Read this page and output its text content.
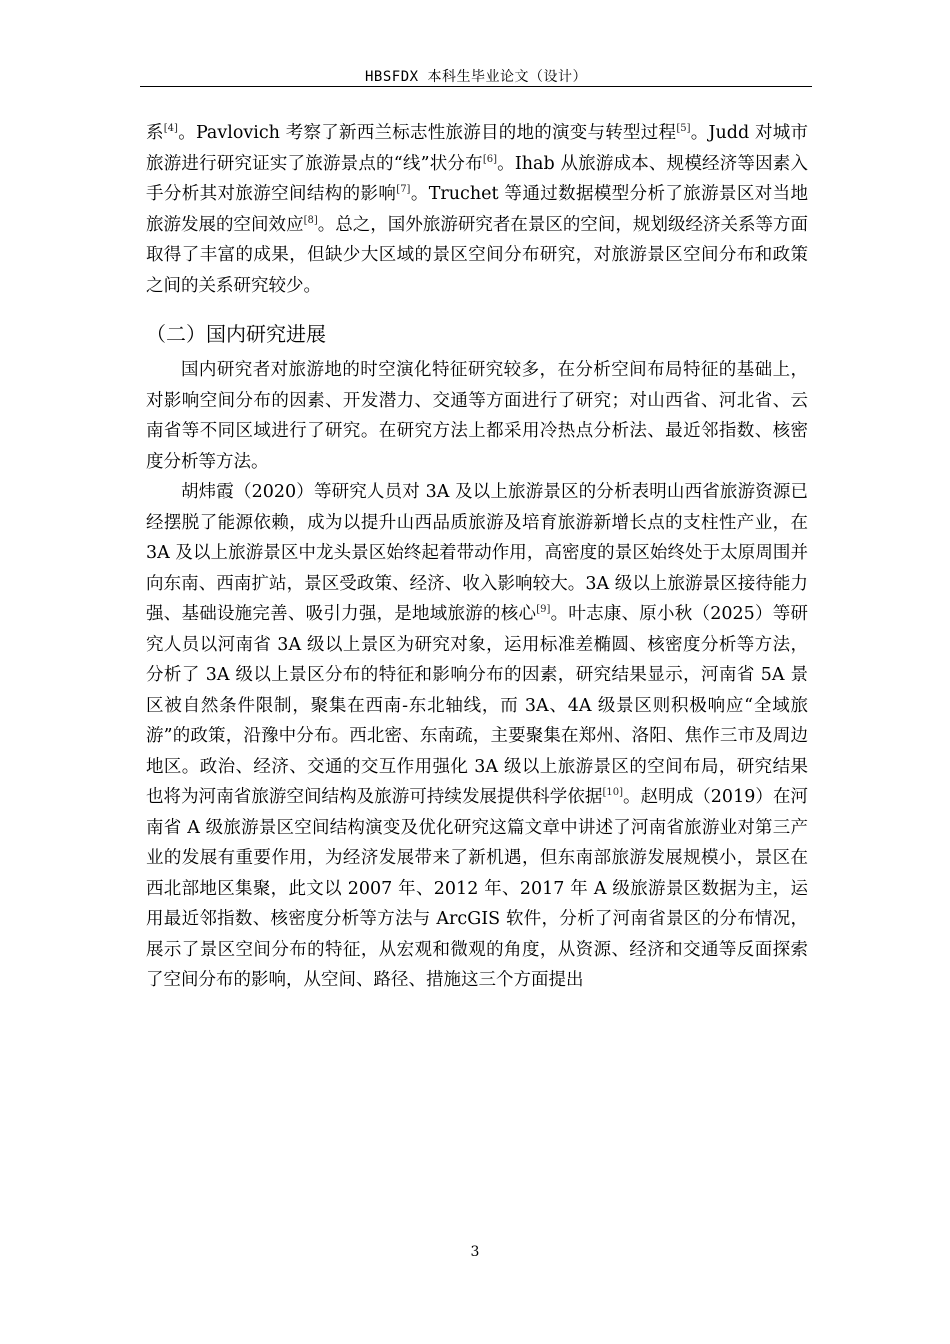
HBSFDX 本科生毕业论文（设计）

系[4]。Pavlovich 考察了新西兰标志性旅游目的地的演变与转型过程[5]。Judd 对城市旅游进行研究证实了旅游景点的“线”状分布[6]。Ihab 从旅游成本、规模经济等因素入手分析其对旅游空间结构的影响[7]。Truchet 等通过数据模型分析了旅游景区对当地旅游发展的空间效应[8]。总之，国外旅游研究者在景区的空间，规划级经济关系等方面取得了丰富的成果，但缺少大区域的景区空间分布研究，对旅游景区空间分布和政策之间的关系研究较少。

（二）国内研究进展

国内研究者对旅游地的时空演化特征研究较多，在分析空间布局特征的基础上，对影响空间分布的因素、开发潜力、交通等方面进行了研究；对山西省、河北省、云南省等不同区域进行了研究。在研究方法上都采用冷热点分析法、最近邻指数、核密度分析等方法。

胡炜霞（2020）等研究人员对 3A 及以上旅游景区的分析表明山西省旅游资源已经摆脱了能源依赖，成为以提升山西品质旅游及培育旅游新增长点的支柱性产业，在 3A 及以上旅游景区中龙头景区始终起着带动作用，高密度的景区始终处于太原周围并向东南、西南扩站，景区受政策、经济、收入影响较大。3A 级以上旅游景区接待能力强、基础设施完善、吸引力强，是地域旅游的核心[9]。叶志康、原小秋（2025）等研究人员以河南省 3A 级以上景区为研究对象，运用标准差椭圆、核密度分析等方法，分析了 3A 级以上景区分布的特征和影响分布的因素，研究结果显示，河南省 5A 景区被自然条件限制，聚集在西南-东北轴线，而 3A、4A 级景区则积极响应“全域旅游”的政策，沿豫中分布。西北密、东南疏，主要聚集在郑州、洛阳、焦作三市及周边地区。政治、经济、交通的交互作用强化 3A 级以上旅游景区的空间布局，研究结果也将为河南省旅游空间结构及旅游可持续发展提供科学依据[10]。赵明成（2019）在河南省 A 级旅游景区空间结构演变及优化研究这篇文章中讲述了河南省旅游业对第三产业的发展有重要作用，为经济发展带来了新机遇，但东南部旅游发展规模小，景区在西北部地区集聚，此文以 2007 年、2012 年、2017 年 A 级旅游景区数据为主，运用最近邻指数、核密度分析等方法与 ArcGIS 软件，分析了河南省景区的分布情况，展示了景区空间分布的特征，从宏观和微观的角度，从资源、经济和交通等反面探索了空间分布的影响，从空间、路径、措施这三个方面提出

3
